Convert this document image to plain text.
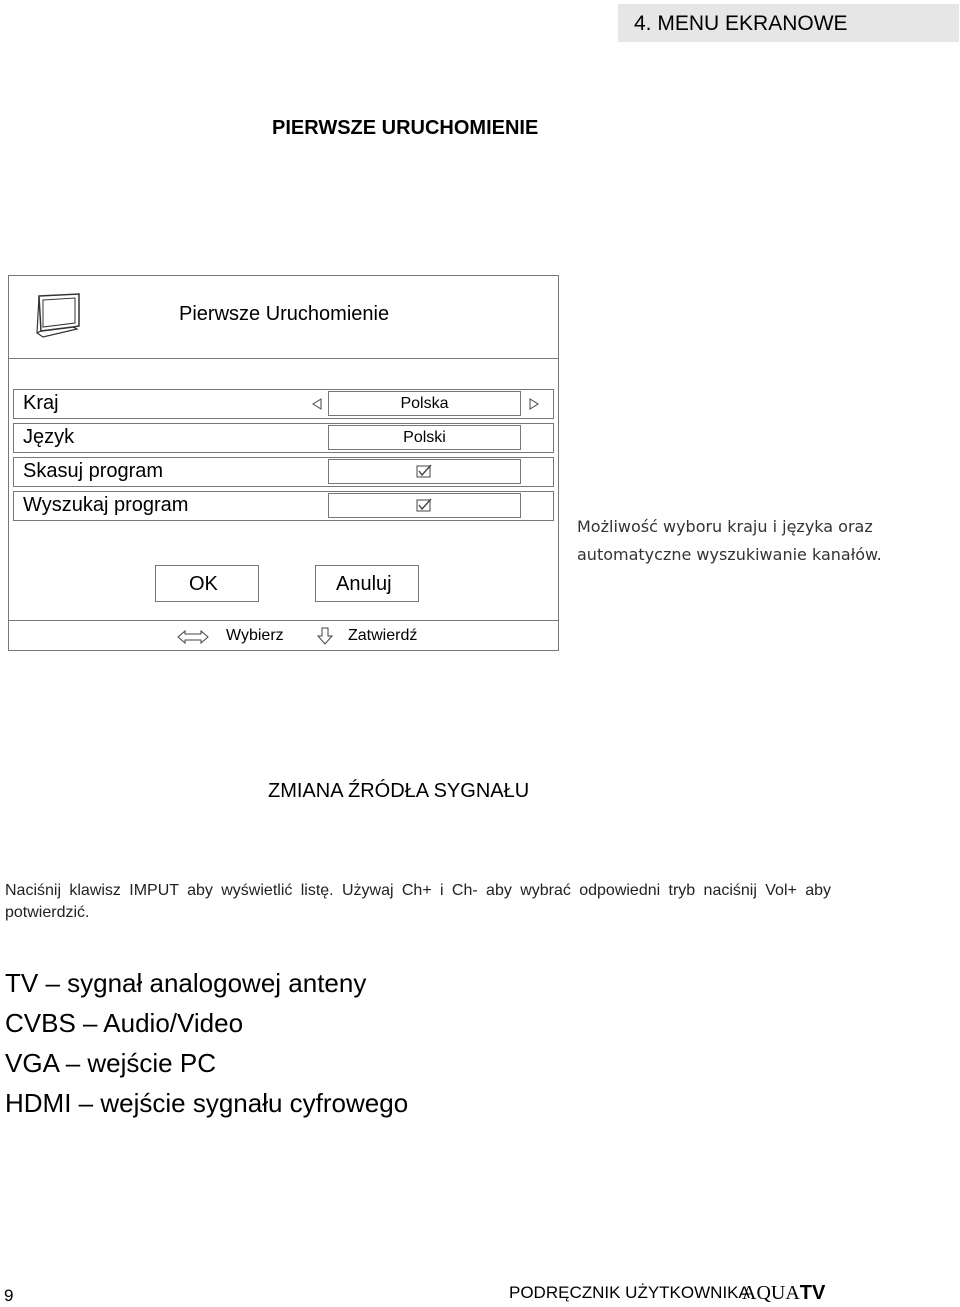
4. MENU EKRANOWE
PIERWSZE URUCHOMIENIE
Pierwsze Uruchomienie
Kraj	Polska
Język	Polski
Skasuj program
Wyszukaj program
OK	Anuluj
Wybierz	Zatwierdź
Możliwość wyboru kraju i języka oraz automatyczne wyszukiwanie kanałów.
ZMIANA ŹRÓDŁA SYGNAŁU
Naciśnij klawisz IMPUT aby wyświetlić listę. Używaj Ch+ i Ch- aby wybrać odpowiedni tryb naciśnij Vol+ aby potwierdzić.
TV – sygnał analogowej anteny
CVBS – Audio/Video
VGA – wejście PC
HDMI – wejście sygnału cyfrowego
9	PODRĘCZNIK UŻYTKOWNIKA
AQUATV
